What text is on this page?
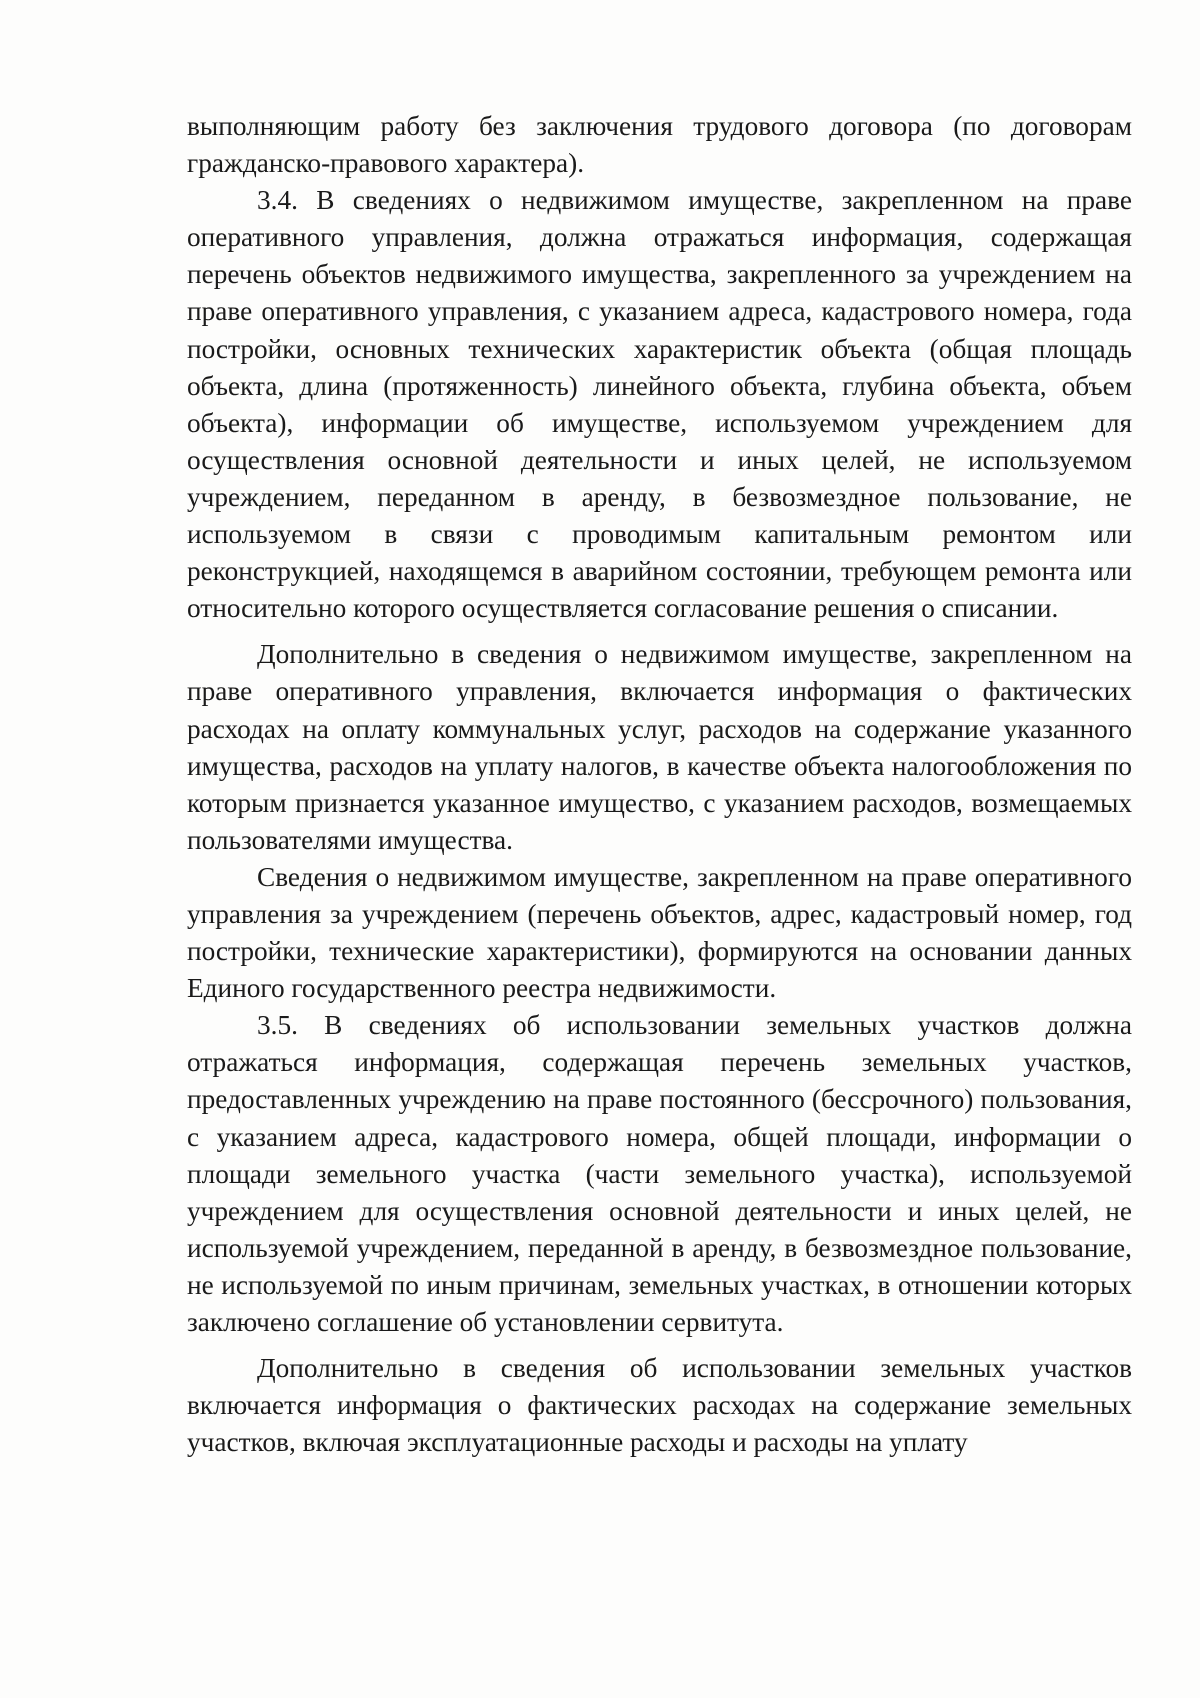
выполняющим работу без заключения трудового договора (по договорам гражданско-правового характера).

3.4. В сведениях о недвижимом имуществе, закрепленном на праве оперативного управления, должна отражаться информация, содержащая перечень объектов недвижимого имущества, закрепленного за учреждением на праве оперативного управления, с указанием адреса, кадастрового номера, года постройки, основных технических характеристик объекта (общая площадь объекта, длина (протяженность) линейного объекта, глубина объекта, объем объекта), информации об имуществе, используемом учреждением для осуществления основной деятельности и иных целей, не используемом учреждением, переданном в аренду, в безвозмездное пользование, не используемом в связи с проводимым капитальным ремонтом или реконструкцией, находящемся в аварийном состоянии, требующем ремонта или относительно которого осуществляется согласование решения о списании.

Дополнительно в сведения о недвижимом имуществе, закрепленном на праве оперативного управления, включается информация о фактических расходах на оплату коммунальных услуг, расходов на содержание указанного имущества, расходов на уплату налогов, в качестве объекта налогообложения по которым признается указанное имущество, с указанием расходов, возмещаемых пользователями имущества.

Сведения о недвижимом имуществе, закрепленном на праве оперативного управления за учреждением (перечень объектов, адрес, кадастровый номер, год постройки, технические характеристики), формируются на основании данных Единого государственного реестра недвижимости.

3.5. В сведениях об использовании земельных участков должна отражаться информация, содержащая перечень земельных участков, предоставленных учреждению на праве постоянного (бессрочного) пользования, с указанием адреса, кадастрового номера, общей площади, информации о площади земельного участка (части земельного участка), используемой учреждением для осуществления основной деятельности и иных целей, не используемой учреждением, переданной в аренду, в безвозмездное пользование, не используемой по иным причинам, земельных участках, в отношении которых заключено соглашение об установлении сервитута.

Дополнительно в сведения об использовании земельных участков включается информация о фактических расходах на содержание земельных участков, включая эксплуатационные расходы и расходы на уплату
